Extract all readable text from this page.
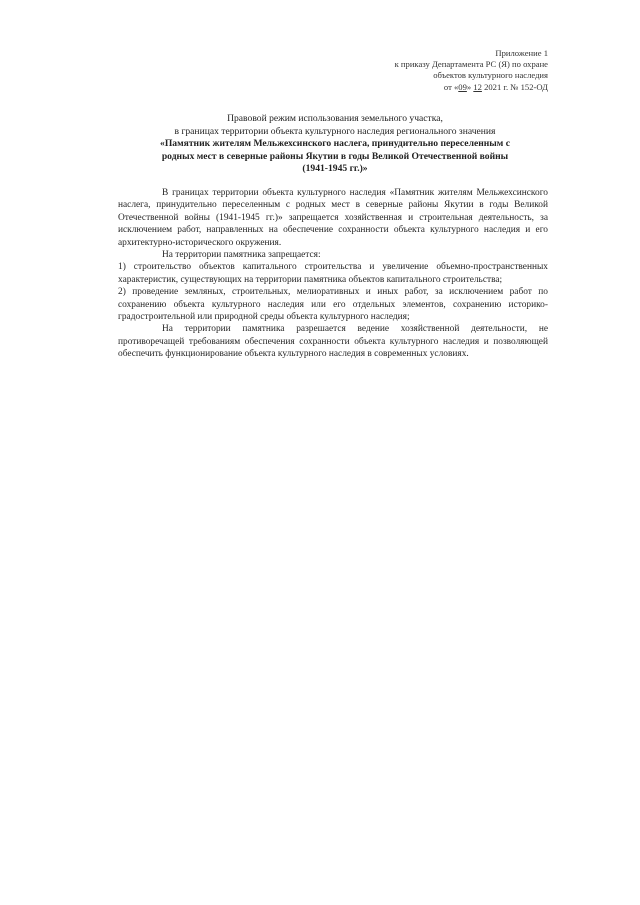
Приложение 1
к приказу Департамента РС (Я) по охране
объектов культурного наследия
от «09» 12 2021 г. № 152-ОД
Правовой режим использования земельного участка,
в границах территории объекта культурного наследия регионального значения
«Памятник жителям Мельжехсинского наслега, принудительно переселенным с
родных мест в северные районы Якутии в годы Великой Отечественной войны
(1941-1945 гг.)»

В границах территории объекта культурного наследия «Памятник жителям Мельжехсинского наслега, принудительно переселенным с родных мест в северные районы Якутии в годы Великой Отечественной войны (1941-1945 гг.)» запрещается хозяйственная и строительная деятельность, за исключением работ, направленных на обеспечение сохранности объекта культурного наследия и его архитектурно-исторического окружения.

На территории памятника запрещается:

1) строительство объектов капитального строительства и увеличение объемно-пространственных характеристик, существующих на территории памятника объектов капитального строительства;

2) проведение земляных, строительных, мелиоративных и иных работ, за исключением работ по сохранению объекта культурного наследия или его отдельных элементов, сохранению историко-градостроительной или природной среды объекта культурного наследия;

На территории памятника разрешается ведение хозяйственной деятельности, не противоречащей требованиям обеспечения сохранности объекта культурного наследия и позволяющей обеспечить функционирование объекта культурного наследия в современных условиях.
